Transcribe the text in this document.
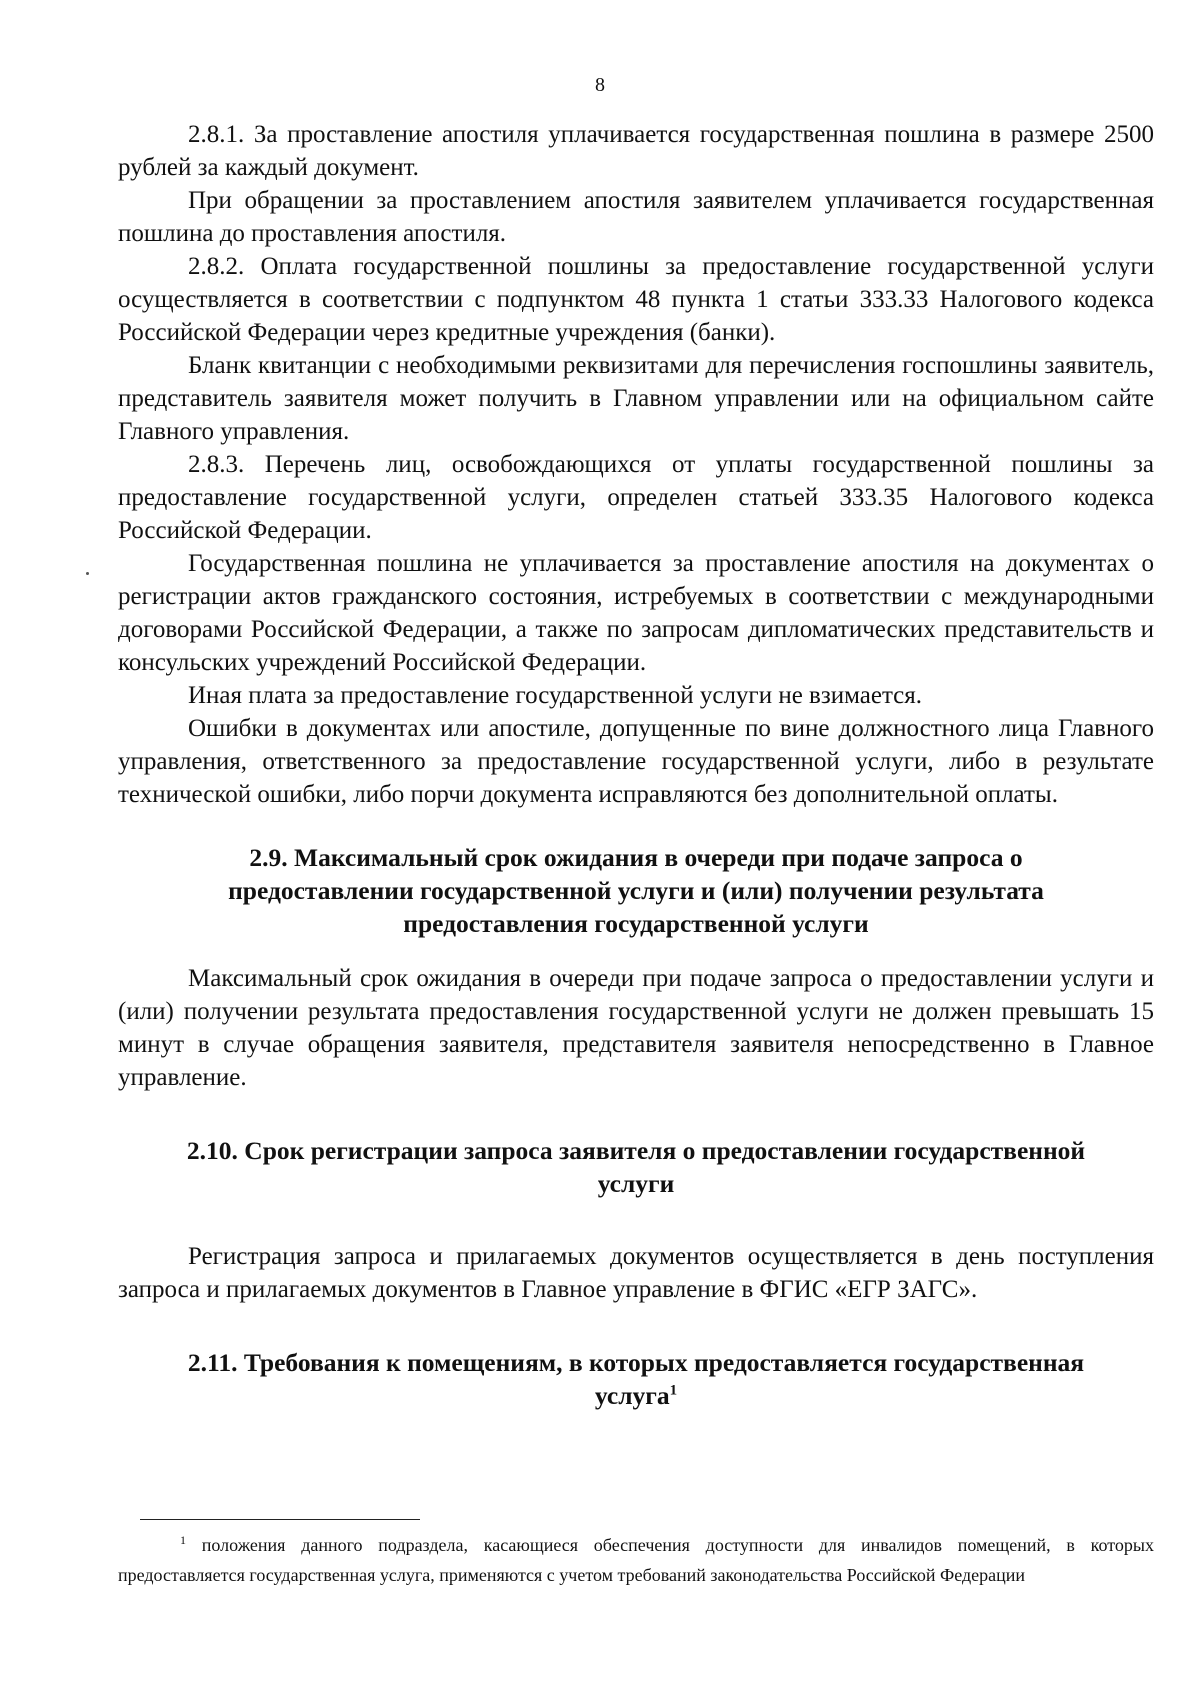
8

2.8.1. За проставление апостиля уплачивается государственная пошлина в размере 2500 рублей за каждый документ.

При обращении за проставлением апостиля заявителем уплачивается государственная пошлина до проставления апостиля.

2.8.2. Оплата государственной пошлины за предоставление государственной услуги осуществляется в соответствии с подпунктом 48 пункта 1 статьи 333.33 Налогового кодекса Российской Федерации через кредитные учреждения (банки).

Бланк квитанции с необходимыми реквизитами для перечисления госпошлины заявитель, представитель заявителя может получить в Главном управлении или на официальном сайте Главного управления.

2.8.3. Перечень лиц, освобождающихся от уплаты государственной пошлины за предоставление государственной услуги, определен статьей 333.35 Налогового кодекса Российской Федерации.

Государственная пошлина не уплачивается за проставление апостиля на документах о регистрации актов гражданского состояния, истребуемых в соответствии с международными договорами Российской Федерации, а также по запросам дипломатических представительств и консульских учреждений Российской Федерации.

Иная плата за предоставление государственной услуги не взимается.

Ошибки в документах или апостиле, допущенные по вине должностного лица Главного управления, ответственного за предоставление государственной услуги, либо в результате технической ошибки, либо порчи документа исправляются без дополнительной оплаты.

2.9. Максимальный срок ожидания в очереди при подаче запроса о предоставлении государственной услуги и (или) получении результата предоставления государственной услуги

Максимальный срок ожидания в очереди при подаче запроса о предоставлении услуги и (или) получении результата предоставления государственной услуги не должен превышать 15 минут в случае обращения заявителя, представителя заявителя непосредственно в Главное управление.

2.10. Срок регистрации запроса заявителя о предоставлении государственной услуги

Регистрация запроса и прилагаемых документов осуществляется в день поступления запроса и прилагаемых документов в Главное управление в ФГИС «ЕГР ЗАГС».

2.11. Требования к помещениям, в которых предоставляется государственная услуга$^1$

$^1$ положения данного подраздела, касающиеся обеспечения доступности для инвалидов помещений, в которых предоставляется государственная услуга, применяются с учетом требований законодательства Российской Федерации
